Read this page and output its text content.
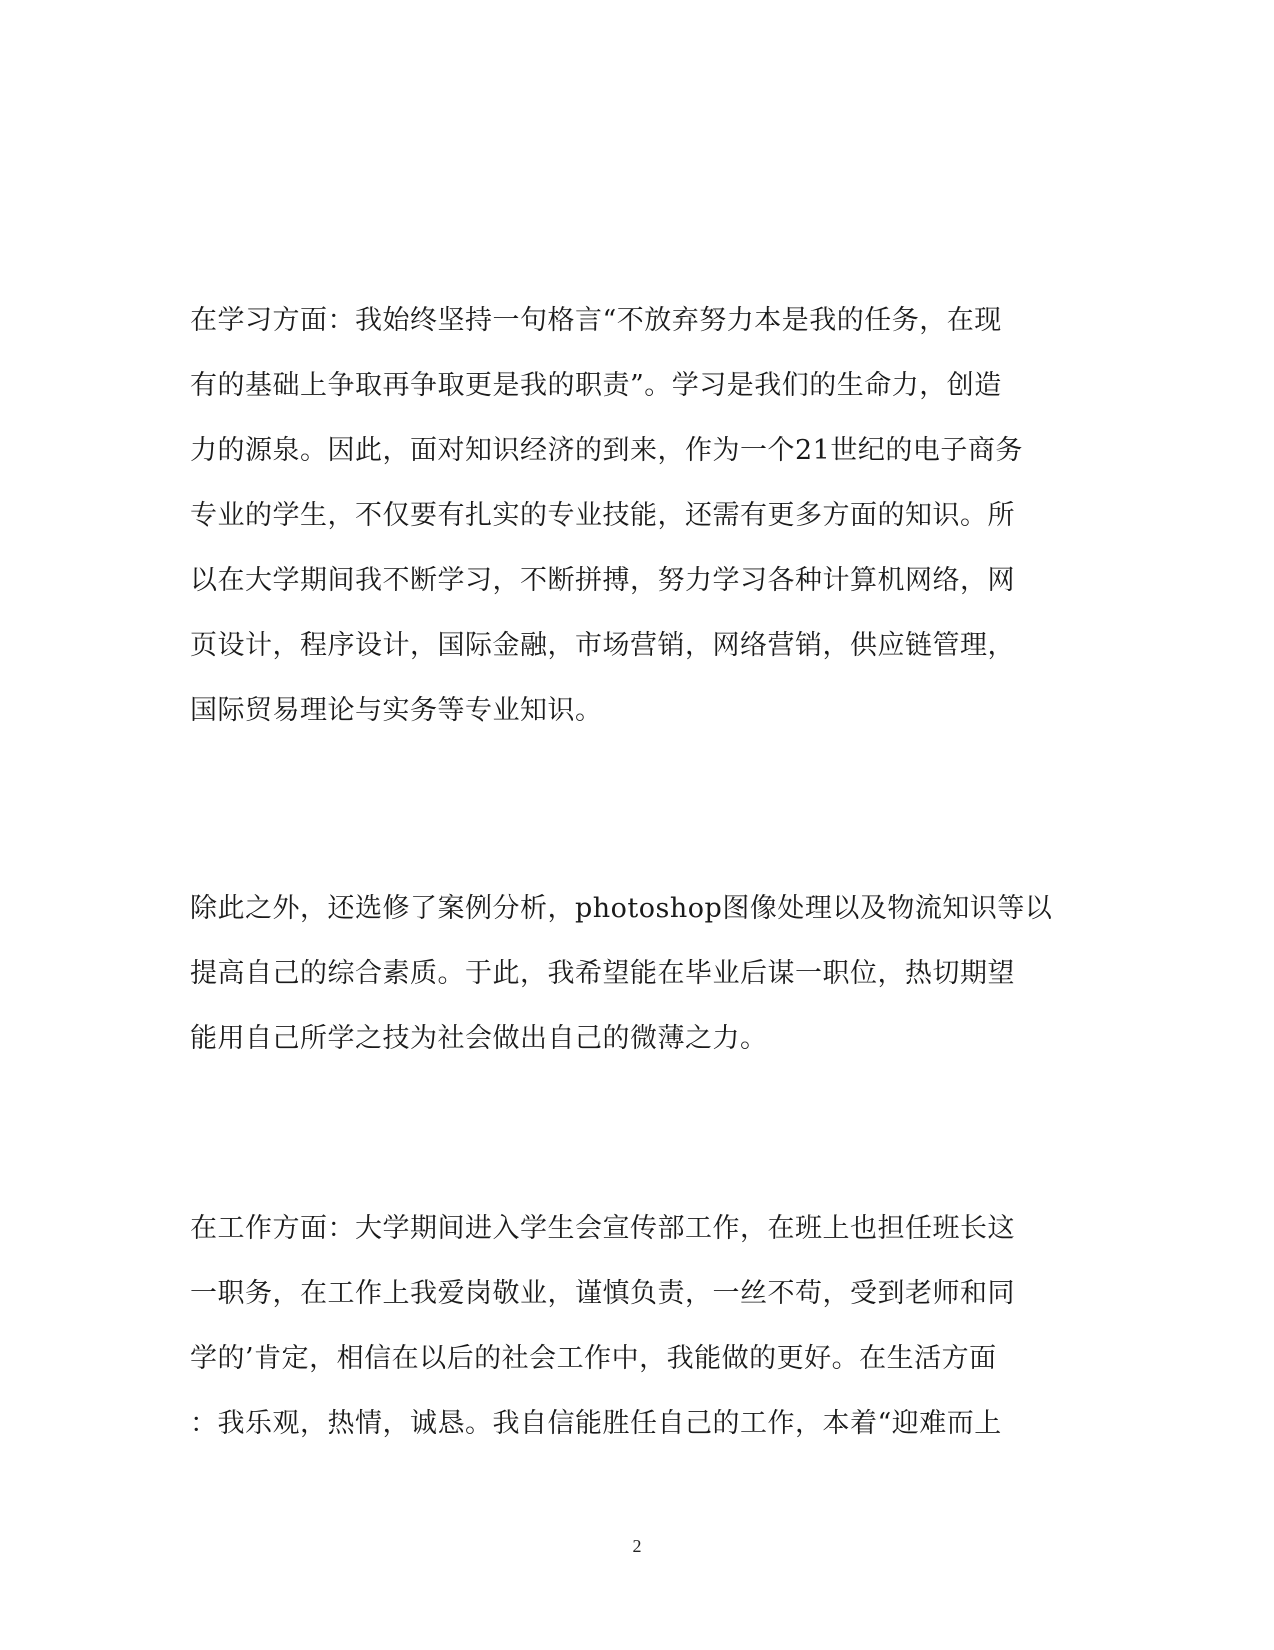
在学习方面：我始终坚持一句格言“不放弃努力本是我的任务，在现
有的基础上争取再争取更是我的职责”。学习是我们的生命力，创造
力的源泉。因此，面对知识经济的到来，作为一个21世纪的电子商务
专业的学生，不仅要有扎实的专业技能，还需有更多方面的知识。所
以在大学期间我不断学习，不断拼搏，努力学习各种计算机网络，网
页设计，程序设计，国际金融，市场营销，网络营销，供应链管理，
国际贸易理论与实务等专业知识。
除此之外，还选修了案例分析，photoshop图像处理以及物流知识等以
提高自己的综合素质。于此，我希望能在毕业后谋一职位，热切期望
能用自己所学之技为社会做出自己的微薄之力。
在工作方面：大学期间进入学生会宣传部工作，在班上也担任班长这
一职务，在工作上我爱岗敬业，谨慎负责，一丝不苟，受到老师和同
学的’肯定，相信在以后的社会工作中，我能做的更好。在生活方面
：我乐观，热情，诚恳。我自信能胜任自己的工作，本着“迎难而上
2
